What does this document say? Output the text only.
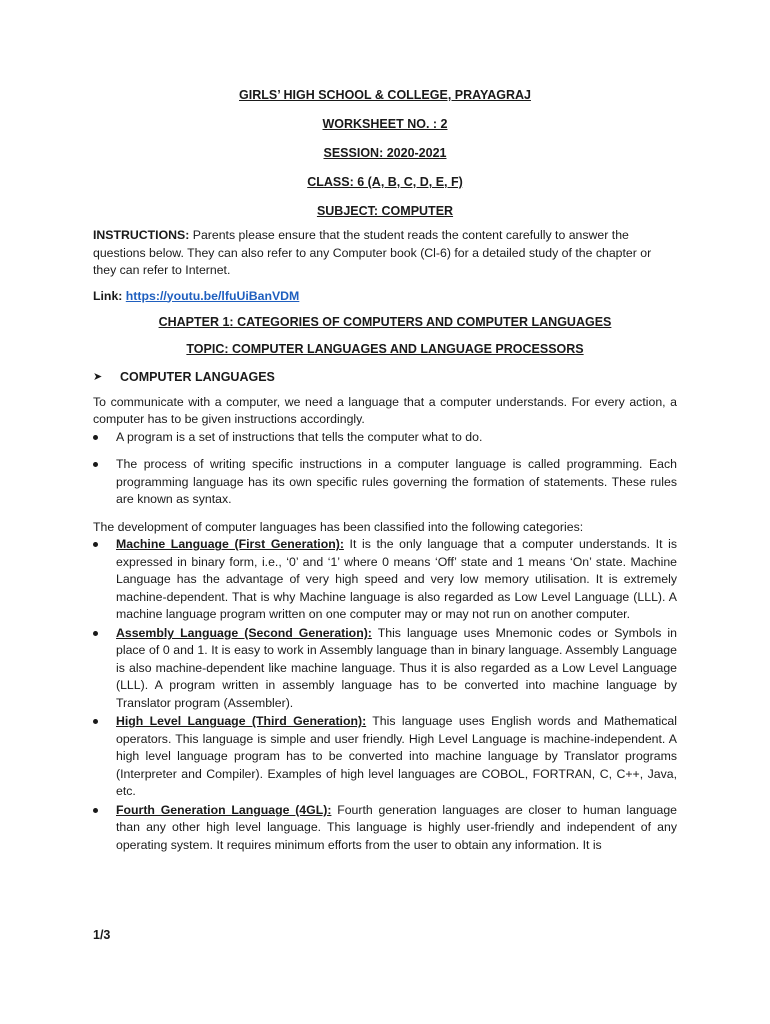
GIRLS’ HIGH SCHOOL & COLLEGE, PRAYAGRAJ

WORKSHEET NO. : 2

SESSION: 2020-2021

CLASS: 6 (A, B, C, D, E, F)

SUBJECT: COMPUTER

INSTRUCTIONS: Parents please ensure that the student reads the content carefully to answer the questions below. They can also refer to any Computer book (Cl-6) for a detailed study of the chapter or they can refer to Internet.

Link: https://youtu.be/lfuUiBanVDM

CHAPTER 1: CATEGORIES OF COMPUTERS AND COMPUTER LANGUAGES

TOPIC: COMPUTER LANGUAGES AND LANGUAGE PROCESSORS

➤	COMPUTER LANGUAGES

To communicate with a computer, we need a language that a computer understands. For every action, a computer has to be given instructions accordingly.

A program is a set of instructions that tells the computer what to do.
The process of writing specific instructions in a computer language is called programming. Each programming language has its own specific rules governing the formation of statements. These rules are known as syntax.

The development of computer languages has been classified into the following categories:

Machine Language (First Generation): It is the only language that a computer understands. It is expressed in binary form, i.e., ‘0’ and ‘1’ where 0 means ‘Off’ state and 1 means ‘On’ state. Machine Language has the advantage of very high speed and very low memory utilisation. It is extremely machine-dependent. That is why Machine language is also regarded as Low Level Language (LLL). A machine language program written on one computer may or may not run on another computer.
Assembly Language (Second Generation): This language uses Mnemonic codes or Symbols in place of 0 and 1. It is easy to work in Assembly language than in binary language. Assembly Language is also machine-dependent like machine language. Thus it is also regarded as a Low Level Language (LLL). A program written in assembly language has to be converted into machine language by Translator program (Assembler).
High Level Language (Third Generation): This language uses English words and Mathematical operators. This language is simple and user friendly. High Level Language is machine-independent. A high level language program has to be converted into machine language by Translator programs (Interpreter and Compiler). Examples of high level languages are COBOL, FORTRAN, C, C++, Java, etc.
Fourth Generation Language (4GL): Fourth generation languages are closer to human language than any other high level language. This language is highly user-friendly and independent of any operating system. It requires minimum efforts from the user to obtain any information. It is
1/3
